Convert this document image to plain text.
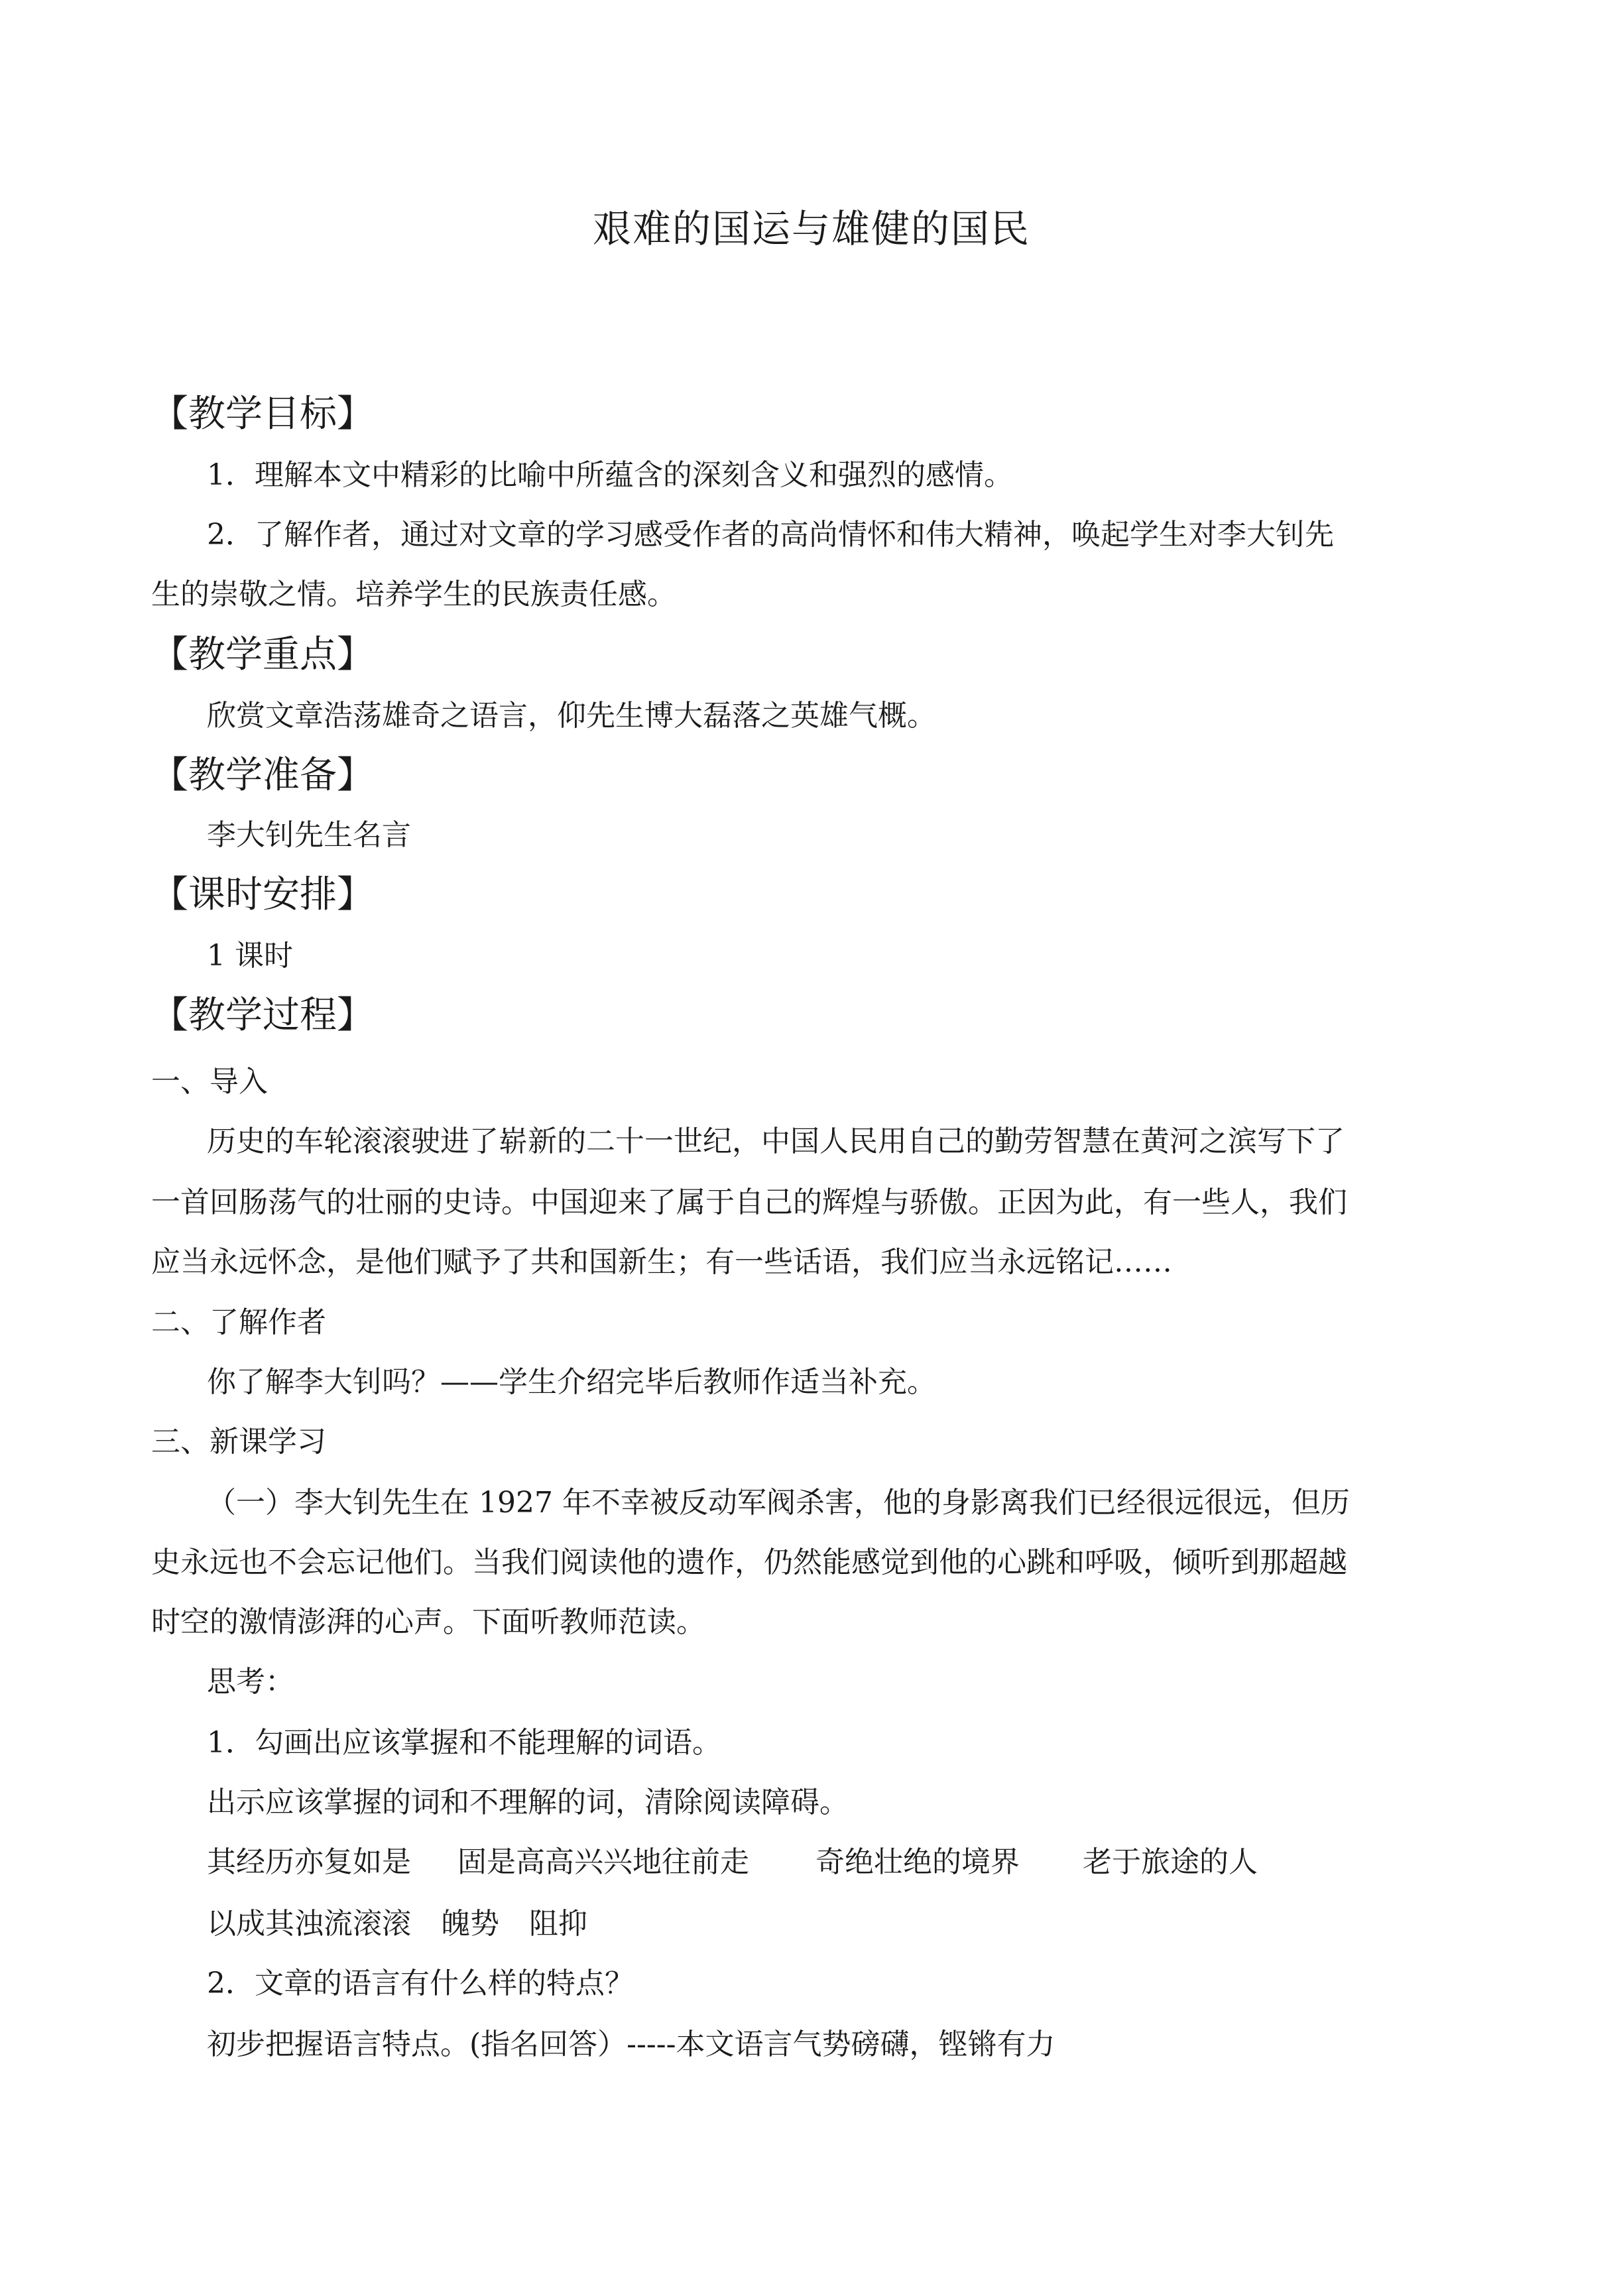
艰难的国运与雄健的国民
【教学目标】
1．理解本文中精彩的比喻中所蕴含的深刻含义和强烈的感情。
2．了解作者，通过对文章的学习感受作者的高尚情怀和伟大精神，唤起学生对李大钊先
生的崇敬之情。培养学生的民族责任感。
【教学重点】
欣赏文章浩荡雄奇之语言，仰先生博大磊落之英雄气概。
【教学准备】
李大钊先生名言
【课时安排】
1 课时
【教学过程】
一、导入
历史的车轮滚滚驶进了崭新的二十一世纪，中国人民用自己的勤劳智慧在黄河之滨写下了
一首回肠荡气的壮丽的史诗。中国迎来了属于自己的辉煌与骄傲。正因为此，有一些人，我们
应当永远怀念，是他们赋予了共和国新生；有一些话语，我们应当永远铭记……
二、了解作者
你了解李大钊吗？——学生介绍完毕后教师作适当补充。
三、新课学习
（一）李大钊先生在 1927 年不幸被反动军阀杀害，他的身影离我们已经很远很远，但历
史永远也不会忘记他们。当我们阅读他的遗作，仍然能感觉到他的心跳和呼吸，倾听到那超越
时空的激情澎湃的心声。下面听教师范读。
思考：
1．勾画出应该掌握和不能理解的词语。
出示应该掌握的词和不理解的词，清除阅读障碍。
其经历亦复如是 固是高高兴兴地往前走 奇绝壮绝的境界 老于旅途的人
以成其浊流滚滚 魄势 阻抑
2．文章的语言有什么样的特点？
初步把握语言特点。(指名回答）-----本文语言气势磅礴，铿锵有力
